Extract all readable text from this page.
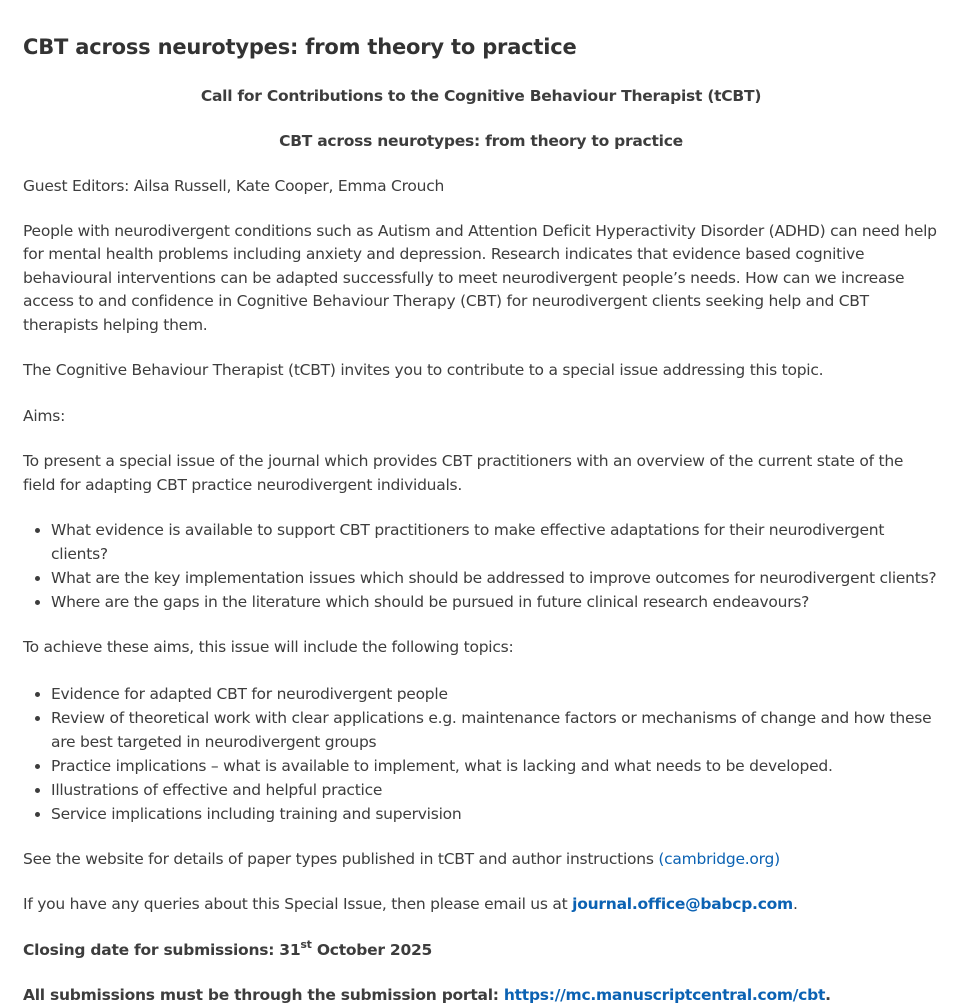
CBT across neurotypes: from theory to practice

Call for Contributions to the Cognitive Behaviour Therapist (tCBT)

CBT across neurotypes: from theory to practice

Guest Editors: Ailsa Russell, Kate Cooper, Emma Crouch

People with neurodivergent conditions such as Autism and Attention Deficit Hyperactivity Disorder (ADHD) can need help for mental health problems including anxiety and depression. Research indicates that evidence based cognitive behavioural interventions can be adapted successfully to meet neurodivergent people’s needs. How can we increase access to and confidence in Cognitive Behaviour Therapy (CBT) for neurodivergent clients seeking help and CBT therapists helping them.

The Cognitive Behaviour Therapist (tCBT) invites you to contribute to a special issue addressing this topic.

Aims:

To present a special issue of the journal which provides CBT practitioners with an overview of the current state of the field for adapting CBT practice neurodivergent individuals.

• What evidence is available to support CBT practitioners to make effective adaptations for their neurodivergent clients?
• What are the key implementation issues which should be addressed to improve outcomes for neurodivergent clients?
• Where are the gaps in the literature which should be pursued in future clinical research endeavours?

To achieve these aims, this issue will include the following topics:

• Evidence for adapted CBT for neurodivergent people
• Review of theoretical work with clear applications e.g. maintenance factors or mechanisms of change and how these are best targeted in neurodivergent groups
• Practice implications – what is available to implement, what is lacking and what needs to be developed.
• Illustrations of effective and helpful practice
• Service implications including training and supervision

See the website for details of paper types published in tCBT and author instructions (cambridge.org)

If you have any queries about this Special Issue, then please email us at journal.office@babcp.com.

Closing date for submissions: 31st October 2025

All submissions must be through the submission portal: https://mc.manuscriptcentral.com/cbt.
